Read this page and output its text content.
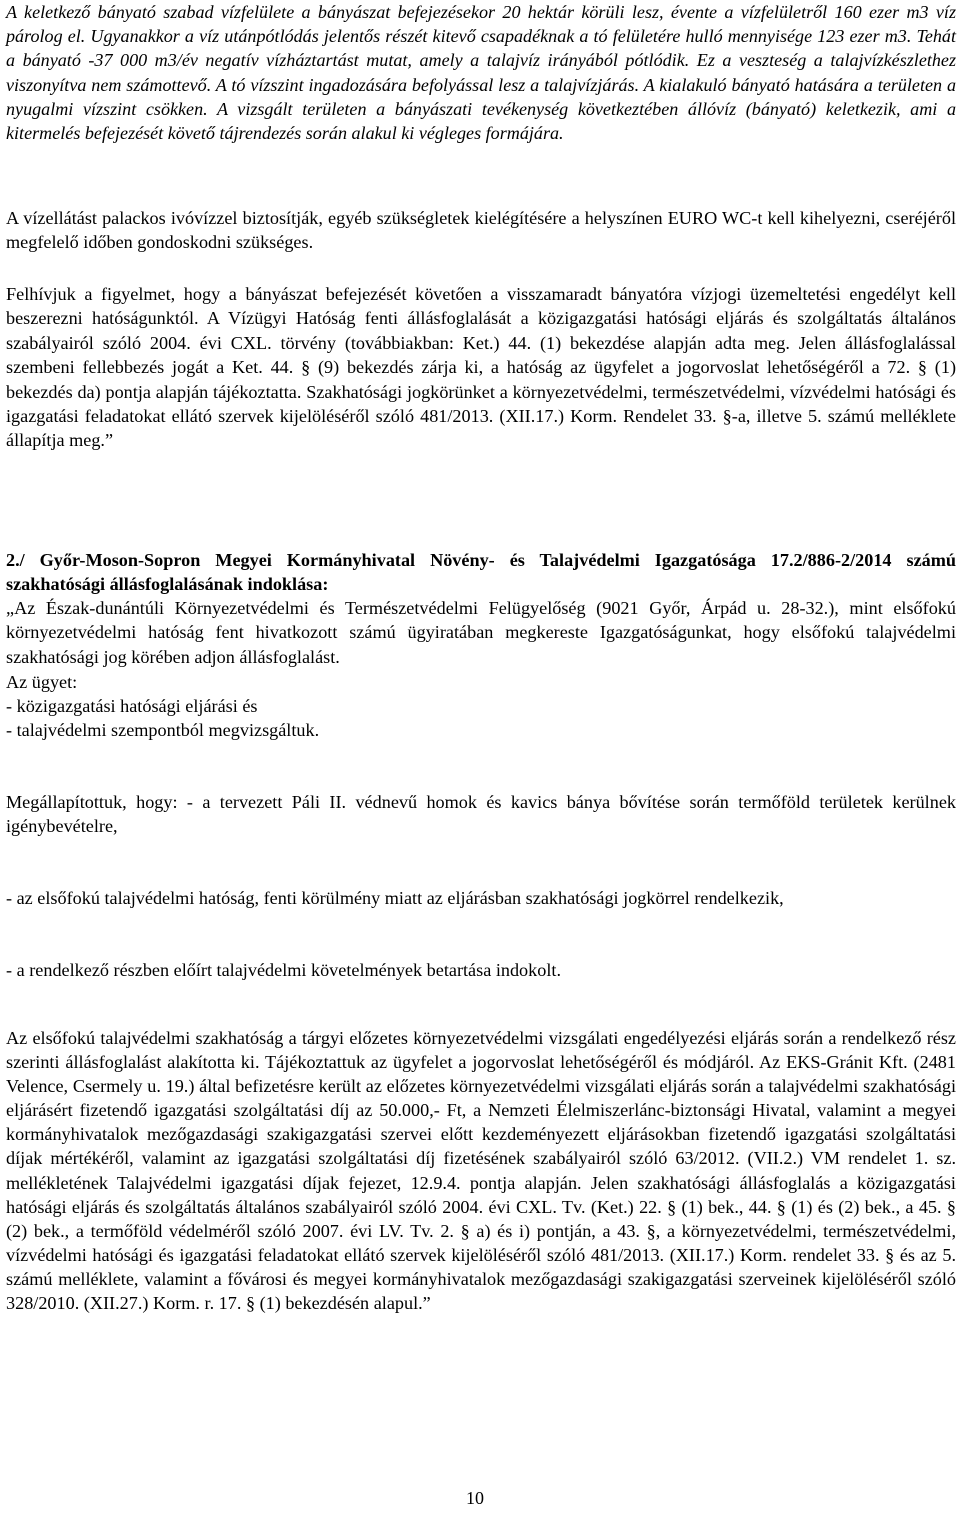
A keletkező bányató szabad vízfelülete a bányászat befejezésekor 20 hektár körüli lesz, évente a vízfelületről 160 ezer m3 víz párolog el. Ugyanakkor a víz utánpótlódás jelentős részét kitevő csapadéknak a tó felületére hulló mennyisége 123 ezer m3. Tehát a bányató -37 000 m3/év negatív vízháztartást mutat, amely a talajvíz irányából pótlódik. Ez a veszteség a talajvízkészlethez viszonyítva nem számottevő. A tó vízszint ingadozására befolyással lesz a talajvízjárás. A kialakuló bányató hatására a területen a nyugalmi vízszint csökken. A vizsgált területen a bányászati tevékenység következtében állóvíz (bányató) keletkezik, ami a kitermelés befejezését követő tájrendezés során alakul ki végleges formájára.

A vízellátást palackos ivóvízzel biztosítják, egyéb szükségletek kielégítésére a helyszínen EURO WC-t kell kihelyezni, cseréjéről megfelelő időben gondoskodni szükséges.

Felhívjuk a figyelmet, hogy a bányászat befejezését követően a visszamaradt bányatóra vízjogi üzemeltetési engedélyt kell beszerezni hatóságunktól. A Vízügyi Hatóság fenti állásfoglalását a közigazgatási hatósági eljárás és szolgáltatás általános szabályairól szóló 2004. évi CXL. törvény (továbbiakban: Ket.) 44. (1) bekezdése alapján adta meg. Jelen állásfoglalással szembeni fellebbezés jogát a Ket. 44. § (9) bekezdés zárja ki, a hatóság az ügyfelet a jogorvoslat lehetőségéről a 72. § (1) bekezdés da) pontja alapján tájékoztatta. Szakhatósági jogkörünket a környezetvédelmi, természetvédelmi, vízvédelmi hatósági és igazgatási feladatokat ellátó szervek kijelöléséről szóló 481/2013. (XII.17.) Korm. Rendelet 33. §-a, illetve 5. számú melléklete állapítja meg.”

2./ Győr-Moson-Sopron Megyei Kormányhivatal Növény- és Talajvédelmi Igazgatósága 17.2/886-2/2014 számú szakhatósági állásfoglalásának indoklása:

„Az Észak-dunántúli Környezetvédelmi és Természetvédelmi Felügyelőség (9021 Győr, Árpád u. 28-32.), mint elsőfokú környezetvédelmi hatóság fent hivatkozott számú ügyiratában megkereste Igazgatóságunkat, hogy elsőfokú talajvédelmi szakhatósági jog körében adjon állásfoglalást.

Az ügyet:
- közigazgatási hatósági eljárási és
- talajvédelmi szempontból megvizsgáltuk.

Megállapítottuk, hogy: - a tervezett Páli II. védnevű homok és kavics bánya bővítése során termőföld területek kerülnek igénybevételre,

- az elsőfokú talajvédelmi hatóság, fenti körülmény miatt az eljárásban szakhatósági jogkörrel rendelkezik,

- a rendelkező részben előírt talajvédelmi követelmények betartása indokolt.

Az elsőfokú talajvédelmi szakhatóság a tárgyi előzetes környezetvédelmi vizsgálati engedélyezési eljárás során a rendelkező rész szerinti állásfoglalást alakította ki. Tájékoztattuk az ügyfelet a jogorvoslat lehetőségéről és módjáról. Az EKS-Gránit Kft. (2481 Velence, Csermely u. 19.) által befizetésre került az előzetes környezetvédelmi vizsgálati eljárás során a talajvédelmi szakhatósági eljárásért fizetendő igazgatási szolgáltatási díj az 50.000,- Ft, a Nemzeti Élelmiszerlánc-biztonsági Hivatal, valamint a megyei kormányhivatalok mezőgazdasági szakigazgatási szervei előtt kezdeményezett eljárásokban fizetendő igazgatási szolgáltatási díjak mértékéről, valamint az igazgatási szolgáltatási díj fizetésének szabályairól szóló 63/2012. (VII.2.) VM rendelet 1. sz. mellékletének Talajvédelmi igazgatási díjak fejezet, 12.9.4. pontja alapján. Jelen szakhatósági állásfoglalás a közigazgatási hatósági eljárás és szolgáltatás általános szabályairól szóló 2004. évi CXL. Tv. (Ket.) 22. § (1) bek., 44. § (1) és (2) bek., a 45. § (2) bek., a termőföld védelméről szóló 2007. évi LV. Tv. 2. § a) és i) pontján, a 43. §, a környezetvédelmi, természetvédelmi, vízvédelmi hatósági és igazgatási feladatokat ellátó szervek kijelöléséről szóló 481/2013. (XII.17.) Korm. rendelet 33. § és az 5. számú melléklete, valamint a fővárosi és megyei kormányhivatalok mezőgazdasági szakigazgatási szerveinek kijelöléséről szóló 328/2010. (XII.27.) Korm. r. 17. § (1) bekezdésén alapul.”

10
